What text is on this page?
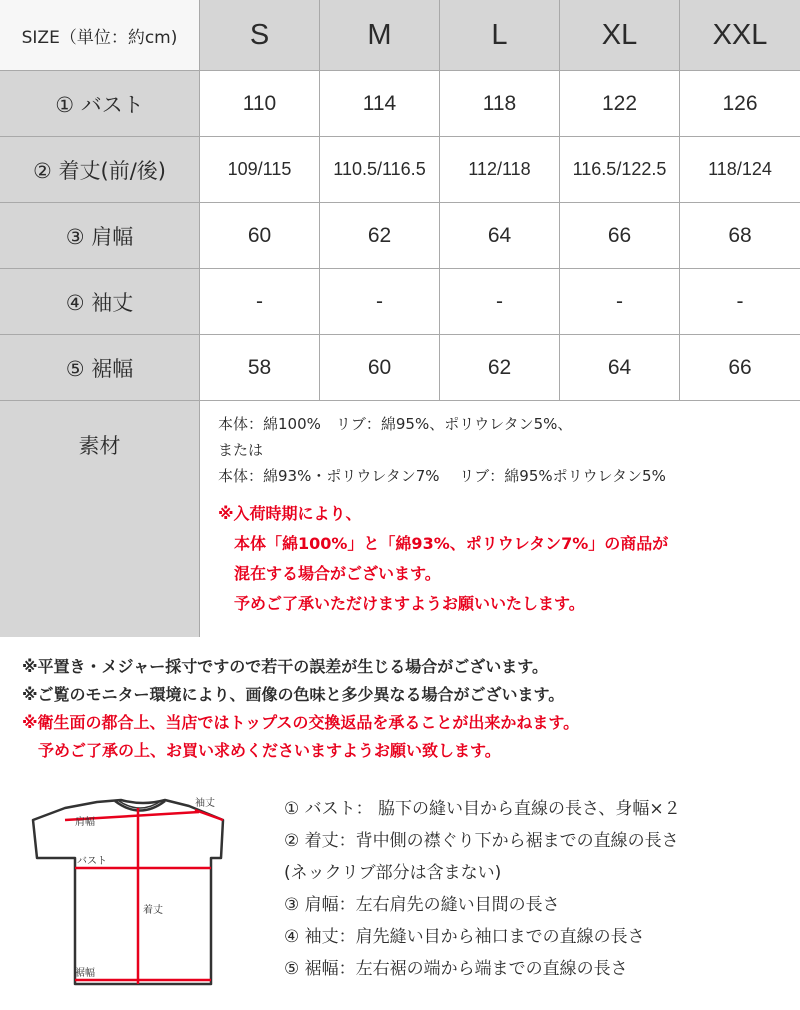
SIZE（単位：約cm)	S	M	L	XL	XXL
① バスト	110	114	118	122	126
② 着丈(前/後)	109/115	110.5/116.5	112/118	116.5/122.5	118/124
③ 肩幅	60	62	64	66	68
④ 袖丈	-	-	-	-	-
⑤ 裾幅	58	60	62	64	66
素材
本体：綿100%　リブ：綿95%、ポリウレタン5%、
または
本体：綿93%・ポリウレタン7%　 リブ：綿95%ポリウレタン5%
※入荷時期により、
　本体「綿100%」と「綿93%、ポリウレタン7%」の商品が
　混在する場合がございます。
　予めご了承いただけますようお願いいたします。
※平置き・メジャー採寸ですので若干の誤差が生じる場合がございます。
※ご覧のモニター環境により、画像の色味と多少異なる場合がございます。
※衛生面の都合上、当店ではトップスの交換返品を承ることが出来かねます。
　予めご了承の上、お買い求めくださいますようお願い致します。
袖丈
肩幅
バスト
着丈
裾幅
① バスト： 脇下の縫い目から直線の長さ、身幅×２
② 着丈：背中側の襟ぐり下から裾までの直線の長さ
(ネックリブ部分は含まない)
③ 肩幅：左右肩先の縫い目間の長さ
④ 袖丈：肩先縫い目から袖口までの直線の長さ
⑤ 裾幅：左右裾の端から端までの直線の長さ
